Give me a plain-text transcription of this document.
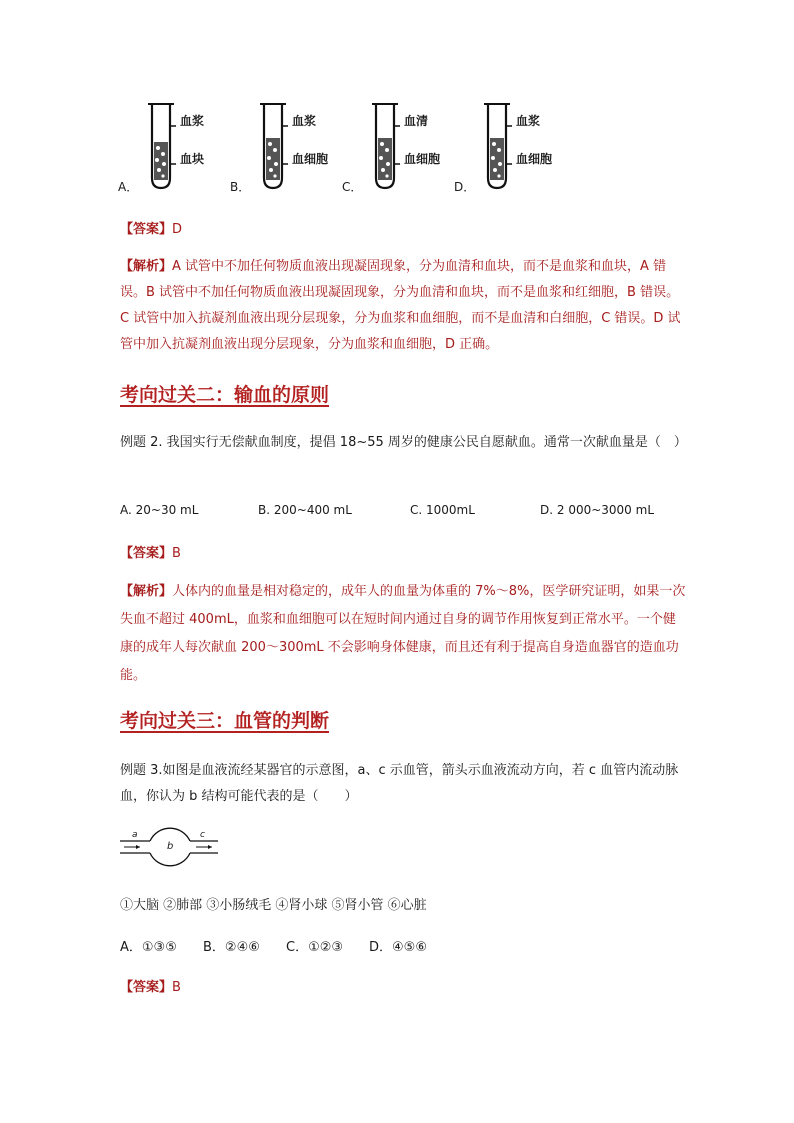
A．
血浆
血块
B．
血浆
血细胞
C．
血清
血细胞
D．
血浆
血细胞
【答案】D
【解析】A 试管中不加任何物质血液出现凝固现象，分为血清和血块，而不是血浆和血块，A 错误。B 试管中不加任何物质血液出现凝固现象，分为血清和血块，而不是血浆和红细胞，B 错误。C 试管中加入抗凝剂血液出现分层现象，分为血浆和血细胞，而不是血清和白细胞，C 错误。D 试管中加入抗凝剂血液出现分层现象，分为血浆和血细胞，D 正确。
考向过关二：输血的原则
例题 2. 我国实行无偿献血制度，提倡 18~55 周岁的健康公民自愿献血。通常一次献血量是（　）
A. 20~30 mL	B. 200~400 mL	C. 1000mL	D. 2 000~3000 mL
【答案】B
【解析】人体内的血量是相对稳定的，成年人的血量为体重的 7%～8%，医学研究证明，如果一次失血不超过 400mL，血浆和血细胞可以在短时间内通过自身的调节作用恢复到正常水平。一个健康的成年人每次献血 200～300mL 不会影响身体健康，而且还有利于提高自身造血器官的造血功能。
考向过关三：血管的判断
例题 3.如图是血液流经某器官的示意图，a、c 示血管，箭头示血液流动方向，若 c 血管内流动脉血，你认为 b 结构可能代表的是（　　）
a
b
c
①大脑 ②肺部 ③小肠绒毛 ④肾小球 ⑤肾小管 ⑥心脏
A．①③⑤ B．②④⑥ C．①②③ D．④⑤⑥
【答案】B
